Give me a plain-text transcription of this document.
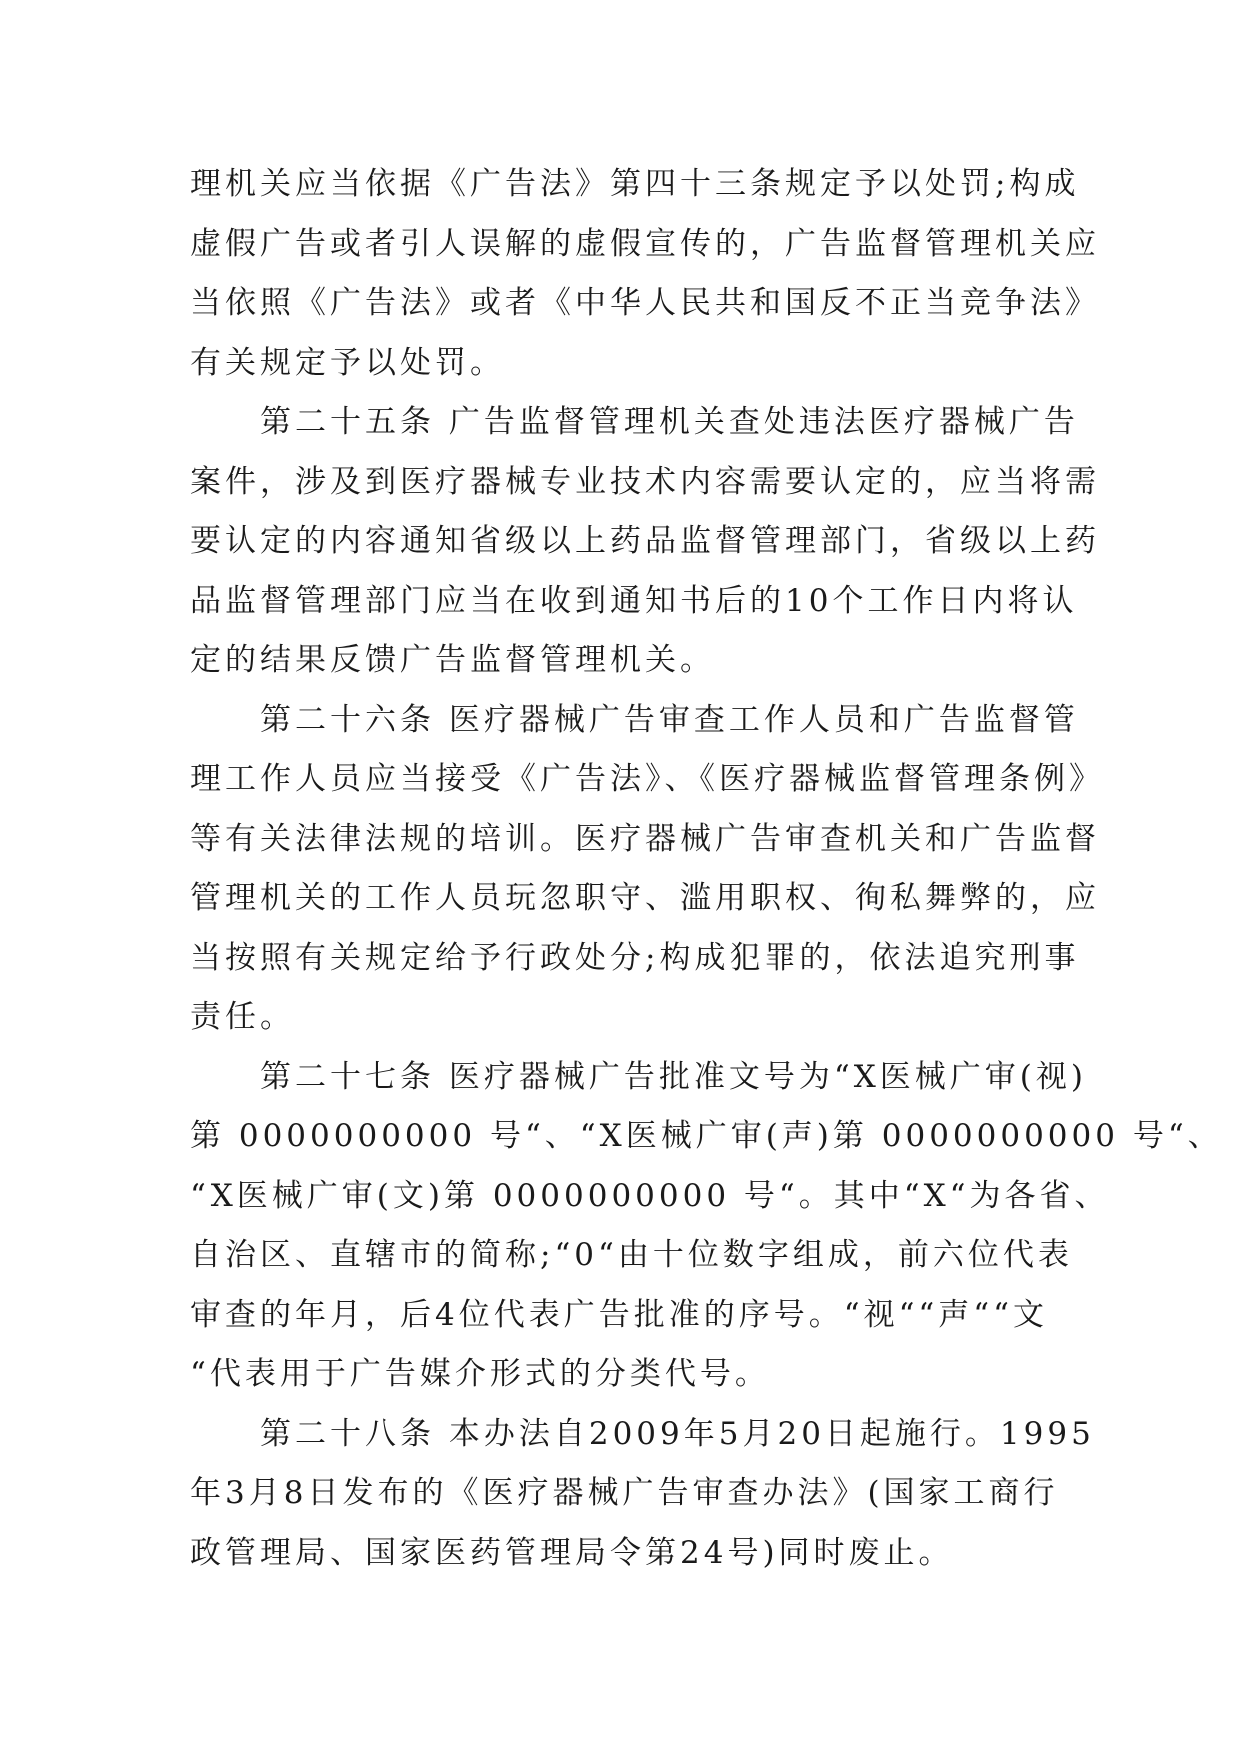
理机关应当依据《广告法》第四十三条规定予以处罚;构成
虚假广告或者引人误解的虚假宣传的，广告监督管理机关应
当依照《广告法》或者《中华人民共和国反不正当竞争法》
有关规定予以处罚。
　　第二十五条 广告监督管理机关查处违法医疗器械广告
案件，涉及到医疗器械专业技术内容需要认定的，应当将需
要认定的内容通知省级以上药品监督管理部门，省级以上药
品监督管理部门应当在收到通知书后的10个工作日内将认
定的结果反馈广告监督管理机关。
　　第二十六条 医疗器械广告审查工作人员和广告监督管
理工作人员应当接受《广告法》、《医疗器械监督管理条例》
等有关法律法规的培训。医疗器械广告审查机关和广告监督
管理机关的工作人员玩忽职守、滥用职权、徇私舞弊的，应
当按照有关规定给予行政处分;构成犯罪的，依法追究刑事
责任。
　　第二十七条 医疗器械广告批准文号为“X医械广审(视)
第 0000000000 号“、“X医械广审(声)第 0000000000 号“、
“X医械广审(文)第 0000000000 号“。其中“X“为各省、
自治区、直辖市的简称;“0“由十位数字组成，前六位代表
审查的年月，后4位代表广告批准的序号。“视““声““文
“代表用于广告媒介形式的分类代号。
　　第二十八条 本办法自2009年5月20日起施行。1995
年3月8日发布的《医疗器械广告审查办法》(国家工商行
政管理局、国家医药管理局令第24号)同时废止。
